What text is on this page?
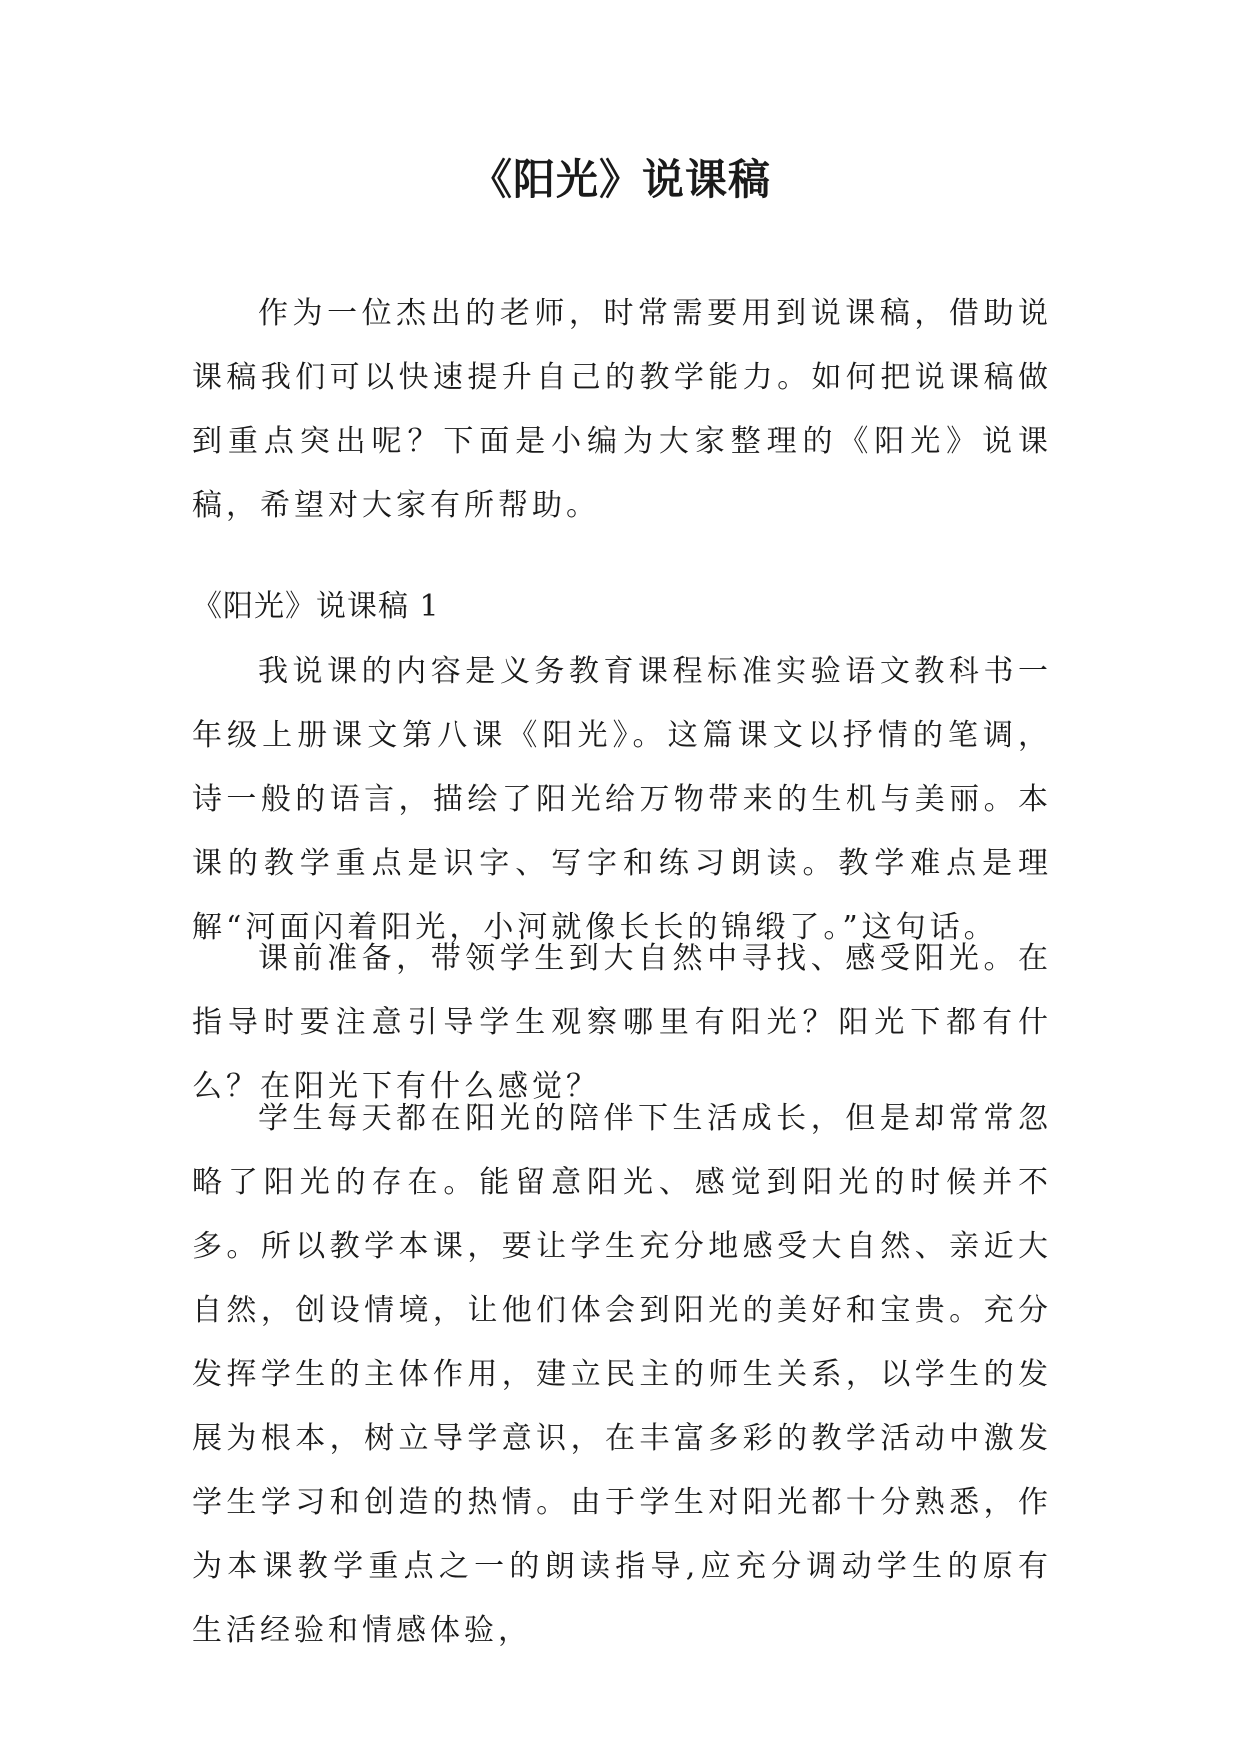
《阳光》说课稿

作为一位杰出的老师，时常需要用到说课稿，借助说课稿我们可以快速提升自己的教学能力。如何把说课稿做到重点突出呢？下面是小编为大家整理的《阳光》说课稿，希望对大家有所帮助。

《阳光》说课稿 1

我说课的内容是义务教育课程标准实验语文教科书一年级上册课文第八课《阳光》。这篇课文以抒情的笔调，诗一般的语言，描绘了阳光给万物带来的生机与美丽。本课的教学重点是识字、写字和练习朗读。教学难点是理解“河面闪着阳光，小河就像长长的锦缎了。”这句话。

课前准备，带领学生到大自然中寻找、感受阳光。在指导时要注意引导学生观察哪里有阳光？阳光下都有什么？在阳光下有什么感觉？

学生每天都在阳光的陪伴下生活成长，但是却常常忽略了阳光的存在。能留意阳光、感觉到阳光的时候并不多。所以教学本课，要让学生充分地感受大自然、亲近大自然，创设情境，让他们体会到阳光的美好和宝贵。充分发挥学生的主体作用，建立民主的师生关系，以学生的发展为根本，树立导学意识，在丰富多彩的教学活动中激发学生学习和创造的热情。由于学生对阳光都十分熟悉，作为本课教学重点之一的朗读指导,应充分调动学生的原有生活经验和情感体验，
